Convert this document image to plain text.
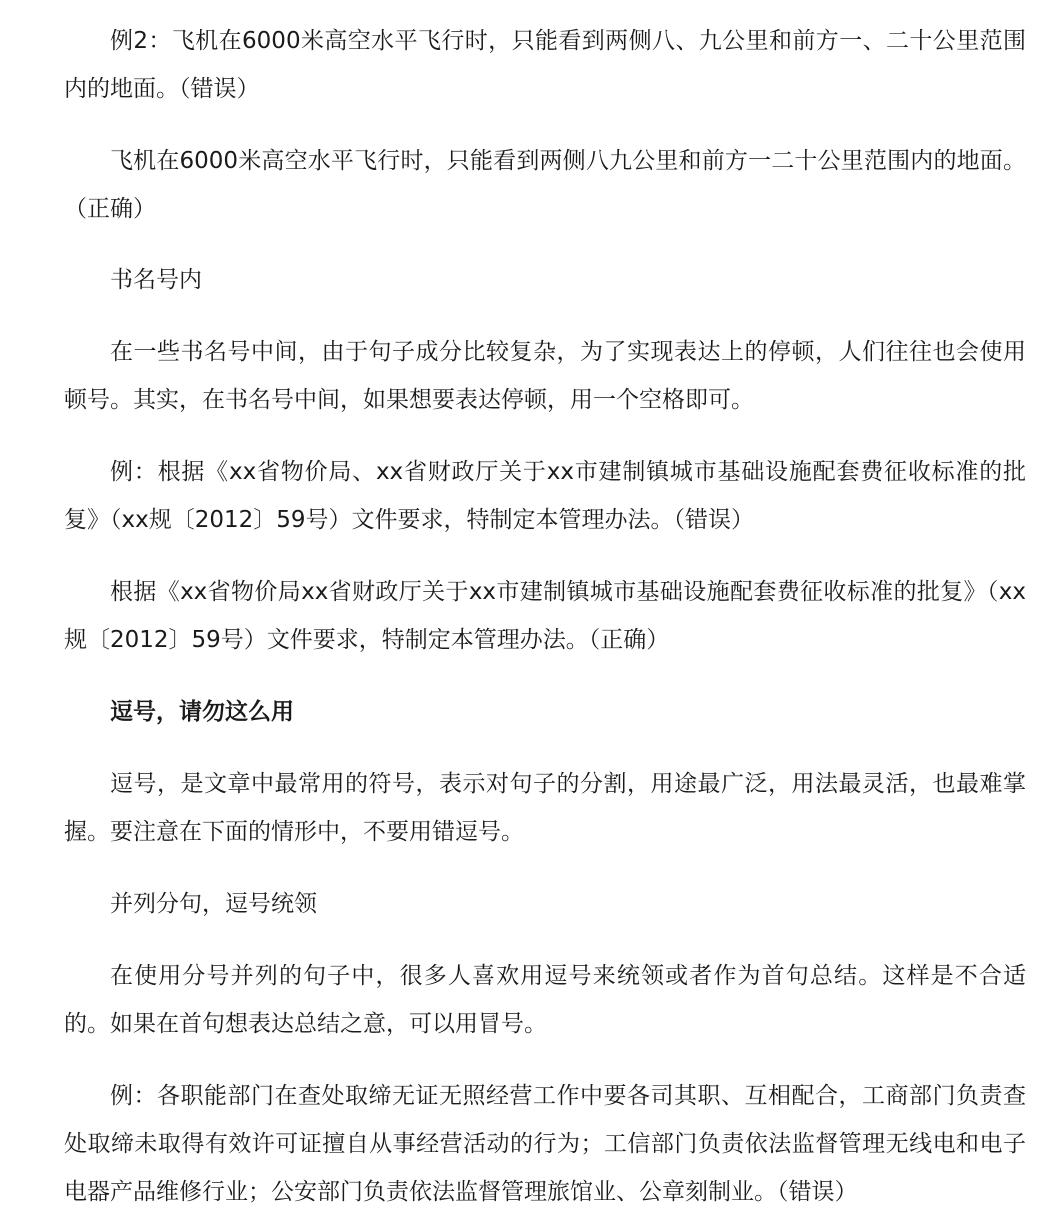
例2：飞机在6000米高空水平飞行时，只能看到两侧八、九公里和前方一、二十公里范围内的地面。（错误）

飞机在6000米高空水平飞行时，只能看到两侧八九公里和前方一二十公里范围内的地面。（正确）

书名号内

在一些书名号中间，由于句子成分比较复杂，为了实现表达上的停顿，人们往往也会使用顿号。其实，在书名号中间，如果想要表达停顿，用一个空格即可。

例：根据《xx省物价局、xx省财政厅关于xx市建制镇城市基础设施配套费征收标准的批复》（xx规〔2012〕59号）文件要求，特制定本管理办法。（错误）

根据《xx省物价局xx省财政厅关于xx市建制镇城市基础设施配套费征收标准的批复》（xx规〔2012〕59号）文件要求，特制定本管理办法。（正确）

逗号，请勿这么用

逗号，是文章中最常用的符号，表示对句子的分割，用途最广泛，用法最灵活，也最难掌握。要注意在下面的情形中，不要用错逗号。

并列分句，逗号统领

在使用分号并列的句子中，很多人喜欢用逗号来统领或者作为首句总结。这样是不合适的。如果在首句想表达总结之意，可以用冒号。

例：各职能部门在查处取缔无证无照经营工作中要各司其职、互相配合，工商部门负责查处取缔未取得有效许可证擅自从事经营活动的行为；工信部门负责依法监督管理无线电和电子电器产品维修行业；公安部门负责依法监督管理旅馆业、公章刻制业。（错误）
